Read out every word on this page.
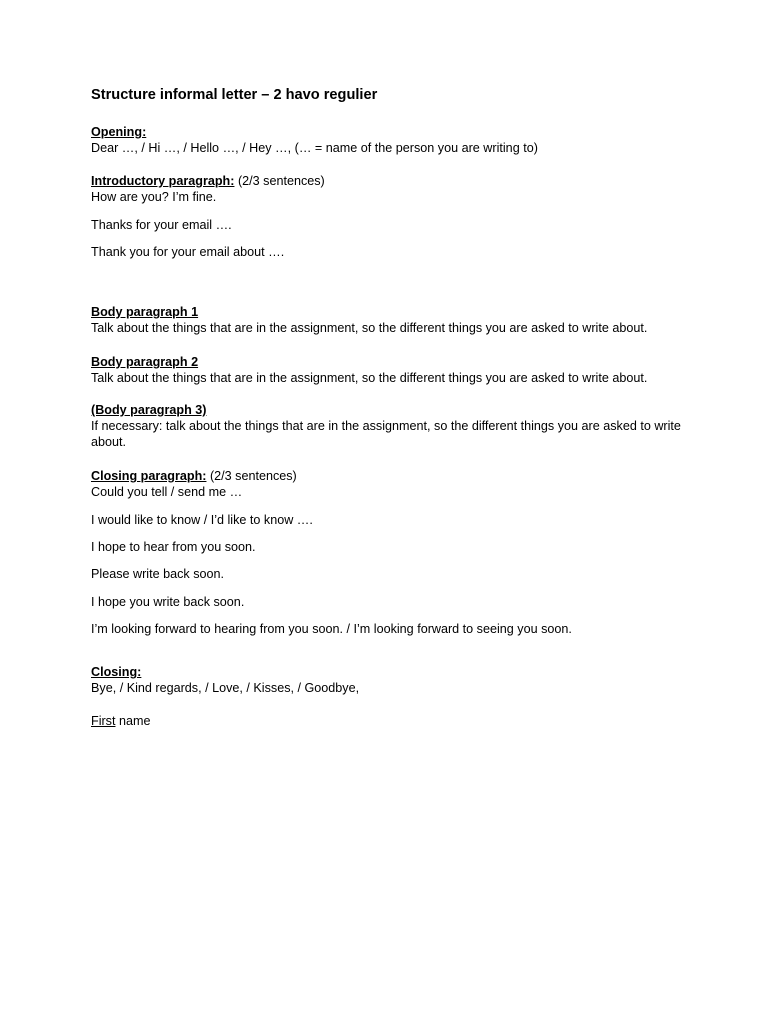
Structure informal letter – 2 havo regulier
Opening:
Dear …, / Hi …, / Hello …, / Hey …, (… = name of the person you are writing to)
Introductory paragraph: (2/3 sentences)
How are you? I’m fine.
Thanks for your email ….
Thank you for your email about ….
Body paragraph 1
Talk about the things that are in the assignment, so the different things you are asked to write about.
Body paragraph 2
Talk about the things that are in the assignment, so the different things you are asked to write about.
(Body paragraph 3)
If necessary: talk about the things that are in the assignment, so the different things you are asked to write about.
Closing paragraph: (2/3 sentences)
Could you tell / send me …
I would like to know / I’d like to know ….
I hope to hear from you soon.
Please write back soon.
I hope you write back soon.
I’m looking forward to hearing from you soon. / I’m looking forward to seeing you soon.
Closing:
Bye, / Kind regards, / Love, / Kisses, / Goodbye,
First name
